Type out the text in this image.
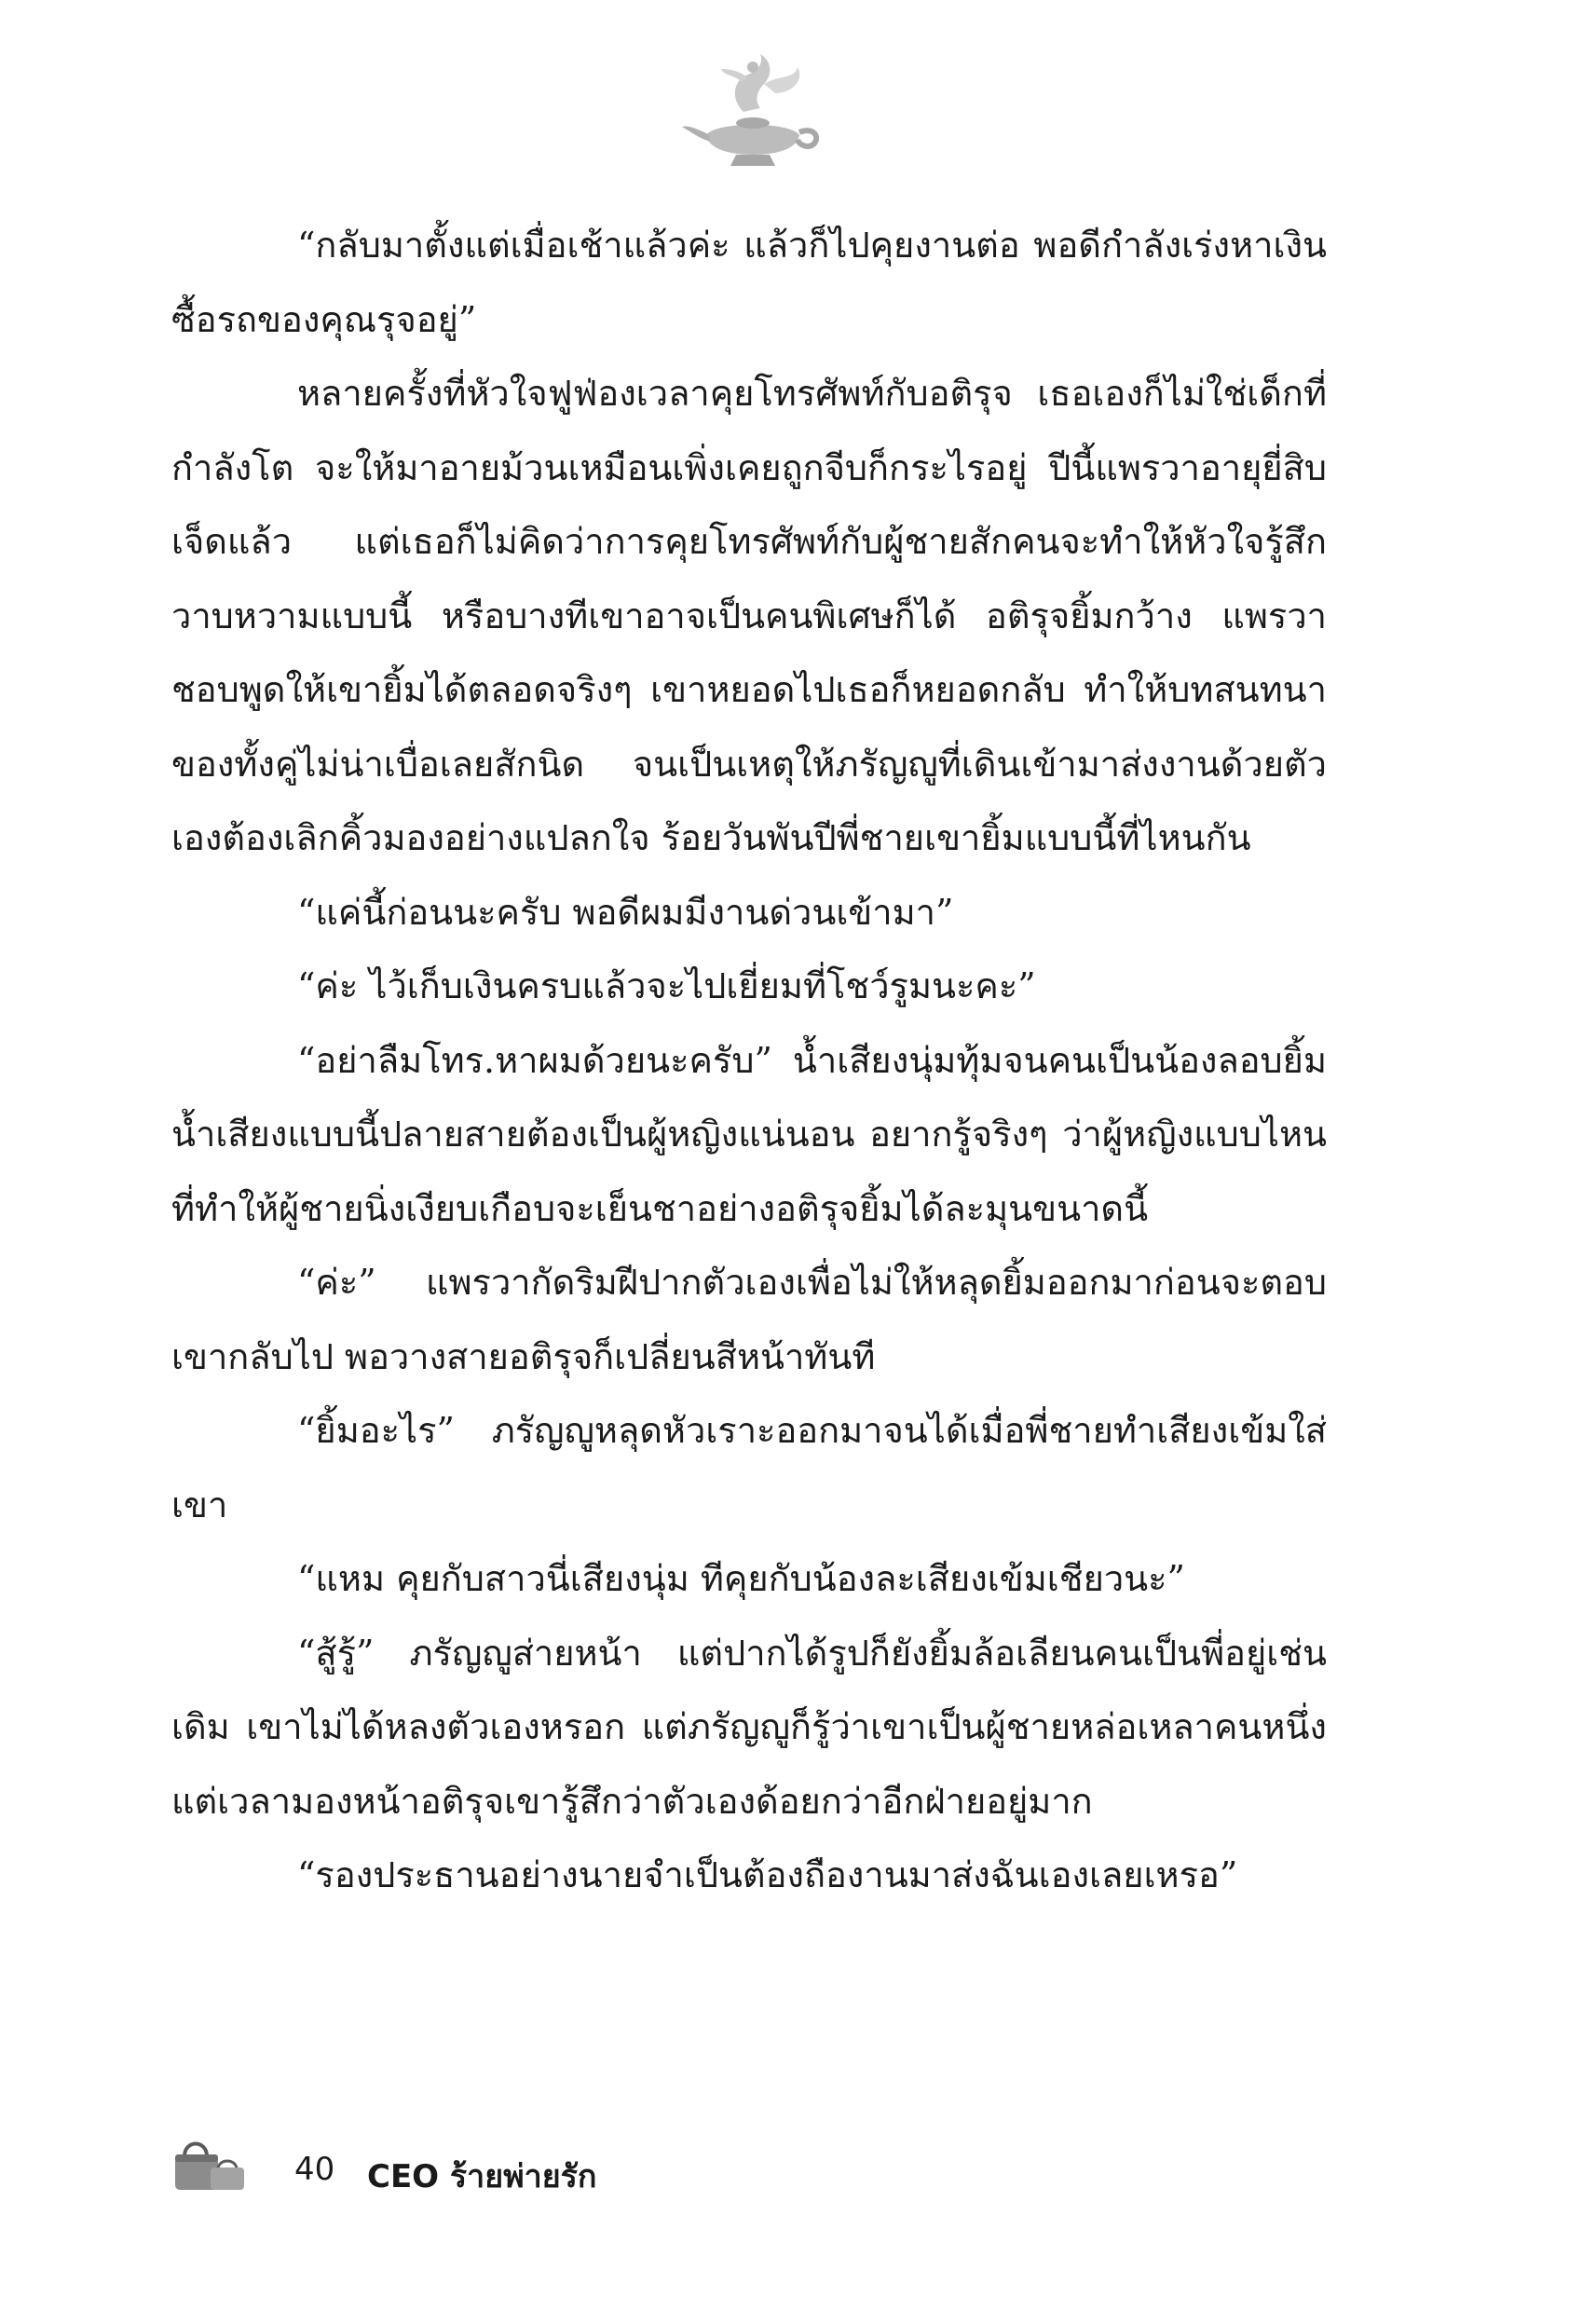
“กลับมาตั้งแต่เมื่อเช้าแล้วค่ะ แล้วก็ไปคุยงานต่อ พอดีกำลังเร่งหาเงินซื้อรถของคุณรุจอยู่”

หลายครั้งที่หัวใจฟูฟ่องเวลาคุยโทรศัพท์กับอติรุจ เธอเองก็ไม่ใช่เด็กที่กำลังโต จะให้มาอายม้วนเหมือนเพิ่งเคยถูกจีบก็กระไรอยู่ ปีนี้แพรวาอายุยี่สิบเจ็ดแล้ว แต่เธอก็ไม่คิดว่าการคุยโทรศัพท์กับผู้ชายสักคนจะทำให้หัวใจรู้สึกวาบหวามแบบนี้ หรือบางทีเขาอาจเป็นคนพิเศษก็ได้ อติรุจยิ้มกว้าง แพรวาชอบพูดให้เขายิ้มได้ตลอดจริงๆ เขาหยอดไปเธอก็หยอดกลับ ทำให้บทสนทนาของทั้งคู่ไม่น่าเบื่อเลยสักนิด จนเป็นเหตุให้ภรัญญูที่เดินเข้ามาส่งงานด้วยตัวเองต้องเลิกคิ้วมองอย่างแปลกใจ ร้อยวันพันปีพี่ชายเขายิ้มแบบนี้ที่ไหนกัน

“แค่นี้ก่อนนะครับ พอดีผมมีงานด่วนเข้ามา”

“ค่ะ ไว้เก็บเงินครบแล้วจะไปเยี่ยมที่โชว์รูมนะคะ”

“อย่าลืมโทร.หาผมด้วยนะครับ” น้ำเสียงนุ่มทุ้มจนคนเป็นน้องลอบยิ้ม น้ำเสียงแบบนี้ปลายสายต้องเป็นผู้หญิงแน่นอน อยากรู้จริงๆ ว่าผู้หญิงแบบไหนที่ทำให้ผู้ชายนิ่งเงียบเกือบจะเย็นชาอย่างอติรุจยิ้มได้ละมุนขนาดนี้

“ค่ะ” แพรวากัดริมฝีปากตัวเองเพื่อไม่ให้หลุดยิ้มออกมาก่อนจะตอบเขากลับไป พอวางสายอติรุจก็เปลี่ยนสีหน้าทันที

“ยิ้มอะไร” ภรัญญูหลุดหัวเราะออกมาจนได้เมื่อพี่ชายทำเสียงเข้มใส่เขา

“แหม คุยกับสาวนี่เสียงนุ่ม ทีคุยกับน้องละเสียงเข้มเชียวนะ”

“สู้รู้” ภรัญญูส่ายหน้า แต่ปากได้รูปก็ยังยิ้มล้อเลียนคนเป็นพี่อยู่เช่นเดิม เขาไม่ได้หลงตัวเองหรอก แต่ภรัญญูก็รู้ว่าเขาเป็นผู้ชายหล่อเหลาคนหนึ่ง แต่เวลามองหน้าอติรุจเขารู้สึกว่าตัวเองด้อยกว่าอีกฝ่ายอยู่มาก

“รองประธานอย่างนายจำเป็นต้องถืองานมาส่งฉันเองเลยเหรอ”

40 CEO ร้ายพ่ายรัก
